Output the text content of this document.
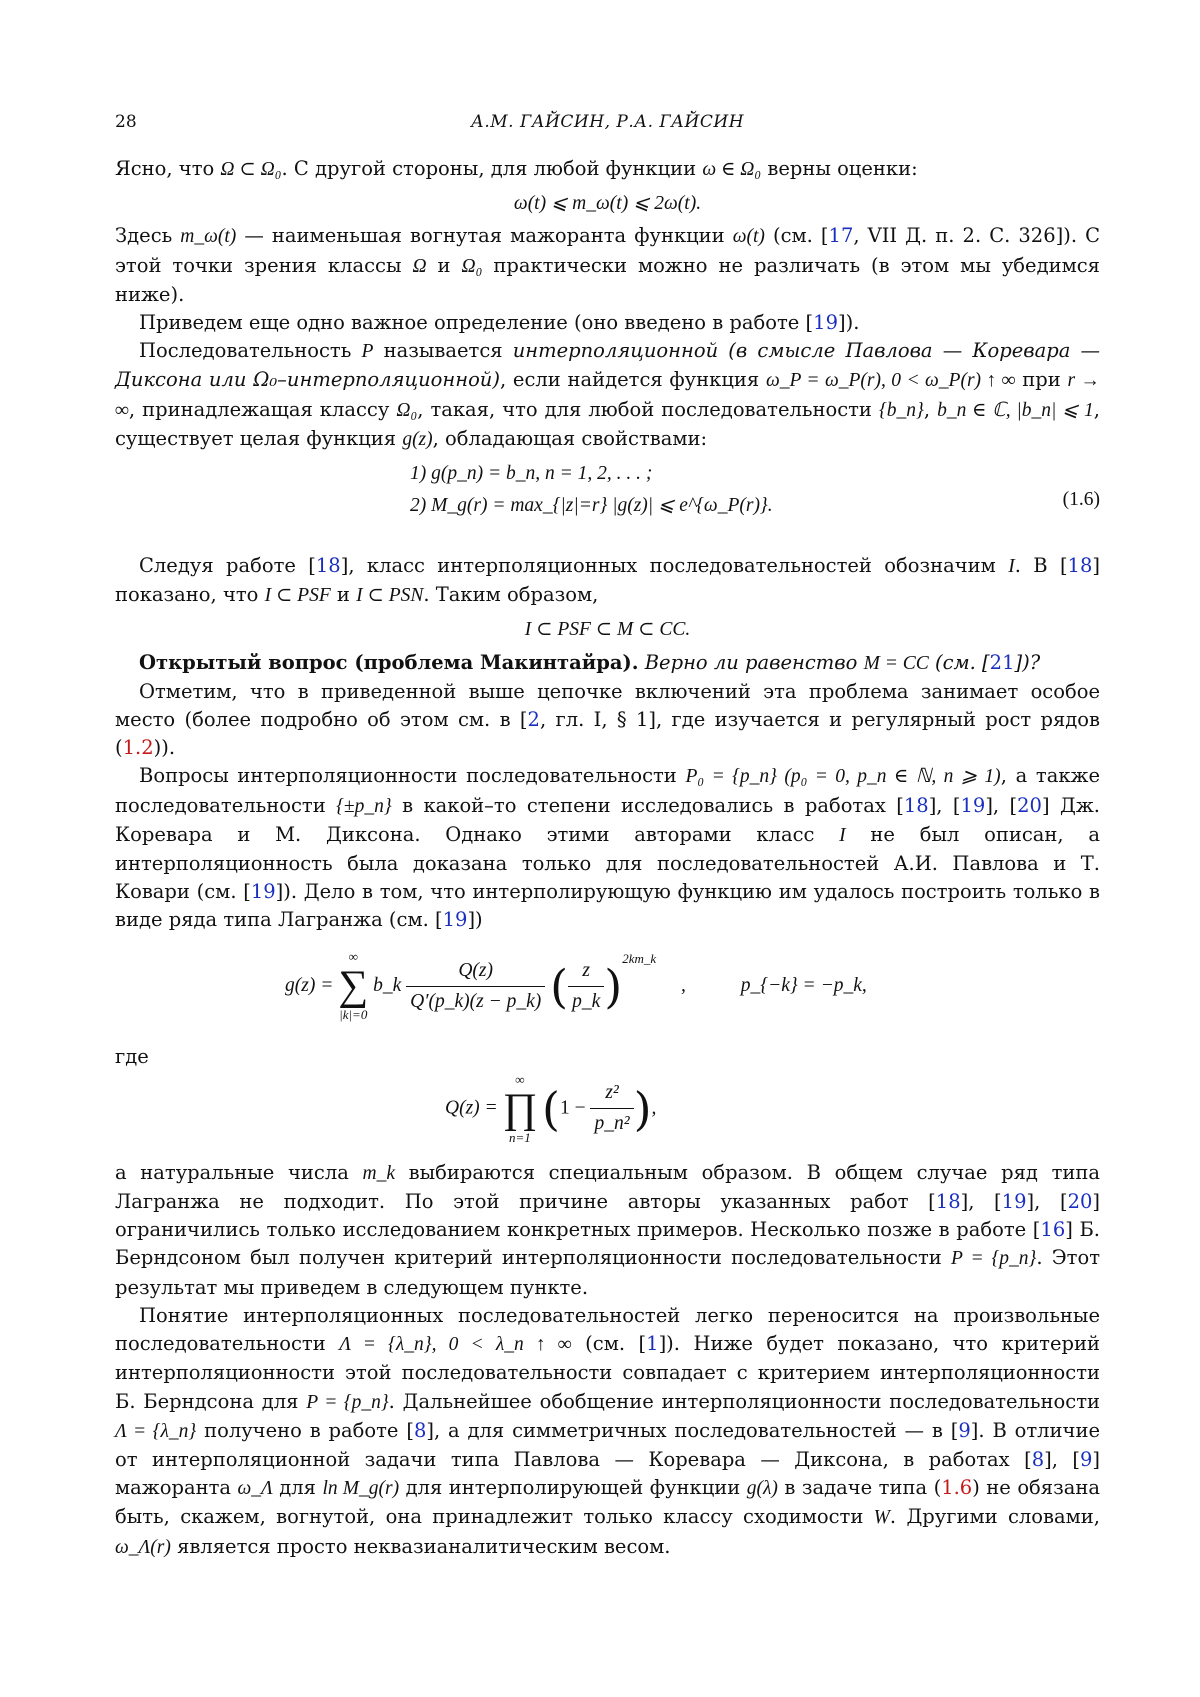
28	А.М. ГАЙСИН, Р.А. ГАЙСИН

Ясно, что Ω ⊂ Ω₀. С другой стороны, для любой функции ω ∈ Ω₀ верны оценки:

ω(t) ⩽ m_ω(t) ⩽ 2ω(t).

Здесь m_ω(t) — наименьшая вогнутая мажоранта функции ω(t) (см. [17, VII Д. п. 2. С. 326]). С этой точки зрения классы Ω и Ω₀ практически можно не различать (в этом мы убедимся ниже).

Приведем еще одно важное определение (оно введено в работе [19]).

Последовательность P называется интерполяционной (в смысле Павлова — Коревара — Диксона или Ω₀–интерполяционной), если найдется функция ω_P = ω_P(r), 0 < ω_P(r) ↑ ∞ при r → ∞, принадлежащая классу Ω₀, такая, что для любой последовательности {b_n}, b_n ∈ ℂ, |b_n| ⩽ 1, существует целая функция g(z), обладающая свойствами:

1) g(p_n) = b_n, n = 1, 2, . . . ;
2) M_g(r) = max_{|z|=r} |g(z)| ⩽ e^{ω_P(r)}.	(1.6)

Следуя работе [18], класс интерполяционных последовательностей обозначим I. В [18] показано, что I ⊂ PSF и I ⊂ PSN. Таким образом,

I ⊂ PSF ⊂ M ⊂ CC.

Открытый вопрос (проблема Макинтайра). Верно ли равенство M = CC (см. [21])?

Отметим, что в приведенной выше цепочке включений эта проблема занимает особое место (более подробно об этом см. в [2, гл. I, § 1], где изучается и регулярный рост рядов (1.2)).

Вопросы интерполяционности последовательности P₀ = {p_n} (p₀ = 0, p_n ∈ ℕ, n ⩾ 1), а также последовательности {±p_n} в какой–то степени исследовались в работах [18], [19], [20] Дж. Коревара и М. Диксона. Однако этими авторами класс I не был описан, а интерполяционность была доказана только для последовательностей А.И. Павлова и Т. Ковари (см. [19]). Дело в том, что интерполирующую функцию им удалось построить только в виде ряда типа Лагранжа (см. [19])

g(z) =
∞
∑
|k|=0
b_k $\frac{Q(z)}{Q'(p\_k)(z - p\_k)}$ ( $\frac{z}{p\_k} )^{2km\_k}$ ,	p_{−k} = −p_k,

где

Q(z) =
∞
∏
n=1
($1 - \frac{\text{z²}}{\text{p\_n²}}$ ),

а натуральные числа m_k выбираются специальным образом. В общем случае ряд типа Лагранжа не подходит. По этой причине авторы указанных работ [18], [19], [20] ограничились только исследованием конкретных примеров. Несколько позже в работе [16] Б. Берндсоном был получен критерий интерполяционности последовательности P = {p_n}. Этот результат мы приведем в следующем пункте.

Понятие интерполяционных последовательностей легко переносится на произвольные последовательности Λ = {λ_n}, 0 < λ_n ↑ ∞ (см. [1]). Ниже будет показано, что критерий интерполяционности этой последовательности совпадает с критерием интерполяционности Б. Берндсона для P = {p_n}. Дальнейшее обобщение интерполяционности последовательности Λ = {λ_n} получено в работе [8], а для симметричных последовательностей — в [9]. В отличие от интерполяционной задачи типа Павлова — Коревара — Диксона, в работах [8], [9] мажоранта ω_Λ для ln M_g(r) для интерполирующей функции g(λ) в задаче типа (1.6) не обязана быть, скажем, вогнутой, она принадлежит только классу сходимости W. Другими словами, ω_Λ(r) является просто неквазианалитическим весом.
